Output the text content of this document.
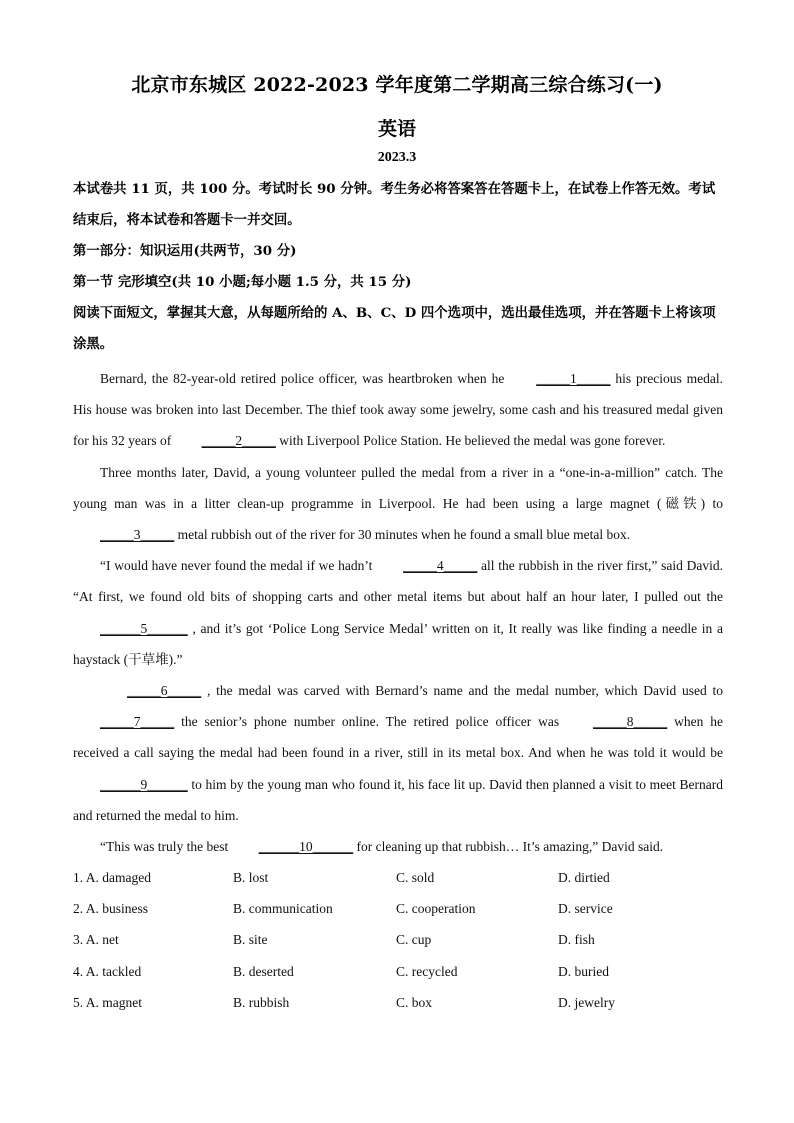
北京市东城区 2022-2023 学年度第二学期高三综合练习(一)
英语
2023.3

本试卷共 11 页，共 100 分。考试时长 90 分钟。考生务必将答案答在答题卡上，在试卷上作答无效。考试结束后，将本试卷和答题卡一并交回。

第一部分：知识运用(共两节，30 分)

第一节 完形填空(共 10 小题;每小题 1.5 分，共 15 分)

阅读下面短文，掌握其大意，从每题所给的 A、B、C、D 四个选项中，选出最佳选项，并在答题卡上将该项涂黑。

Bernard, the 82-year-old retired police officer, was heartbroken when he _____1_____ his precious medal. His house was broken into last December. The thief took away some jewelry, some cash and his treasured medal given for his 32 years of _____2_____ with Liverpool Police Station. He believed the medal was gone forever.

Three months later, David, a young volunteer pulled the medal from a river in a “one-in-a-million” catch. The young man was in a litter clean-up programme in Liverpool. He had been using a large magnet (磁铁) to _____3_____ metal rubbish out of the river for 30 minutes when he found a small blue metal box.

“I would have never found the medal if we hadn’t _____4_____ all the rubbish in the river first,” said David. “At first, we found old bits of shopping carts and other metal items but about half an hour later, I pulled out the ______5______ , and it’s got ‘Police Long Service Medal’ written on it, It really was like finding a needle in a haystack (干草堆).”

_____6_____ , the medal was carved with Bernard’s name and the medal number, which David used to _____7_____ the senior’s phone number online. The retired police officer was _____8_____ when he received a call saying the medal had been found in a river, still in its metal box. And when he was told it would be ______9______ to him by the young man who found it, his face lit up. David then planned a visit to meet Bernard and returned the medal to him.

“This was truly the best ______10______ for cleaning up that rubbish… It’s amazing,” David said.

1. A. damaged	B. lost	C. sold	D. dirtied
2. A. business	B. communication	C. cooperation	D. service
3. A. net	B. site	C. cup	D. fish
4. A. tackled	B. deserted	C. recycled	D. buried
5. A. magnet	B. rubbish	C. box	D. jewelry
